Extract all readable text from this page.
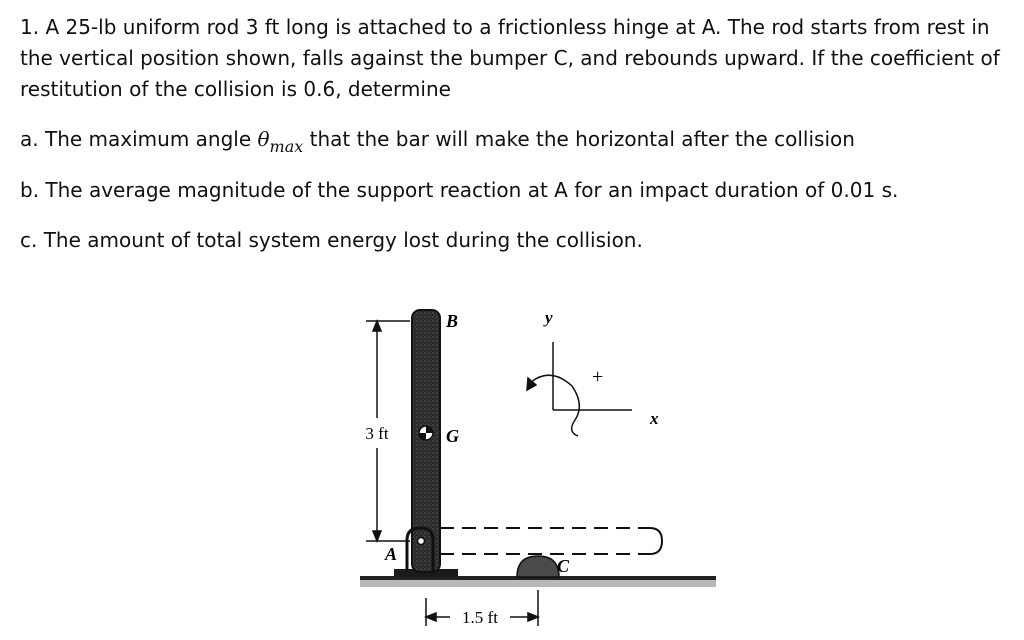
1. A 25-lb uniform rod 3 ft long is attached to a frictionless hinge at A. The rod starts from rest in the vertical position shown, falls against the bumper C, and rebounds upward. If the coefficient of restitution of the collision is 0.6, determine

a. The maximum angle $\theta_{max}$ that the bar will make the horizontal after the collision

b. The average magnitude of the support reaction at A for an impact duration of 0.01 s.

c. The amount of total system energy lost during the collision.

3 ft
1.5 ft
y
x
+
B
G
A
C
